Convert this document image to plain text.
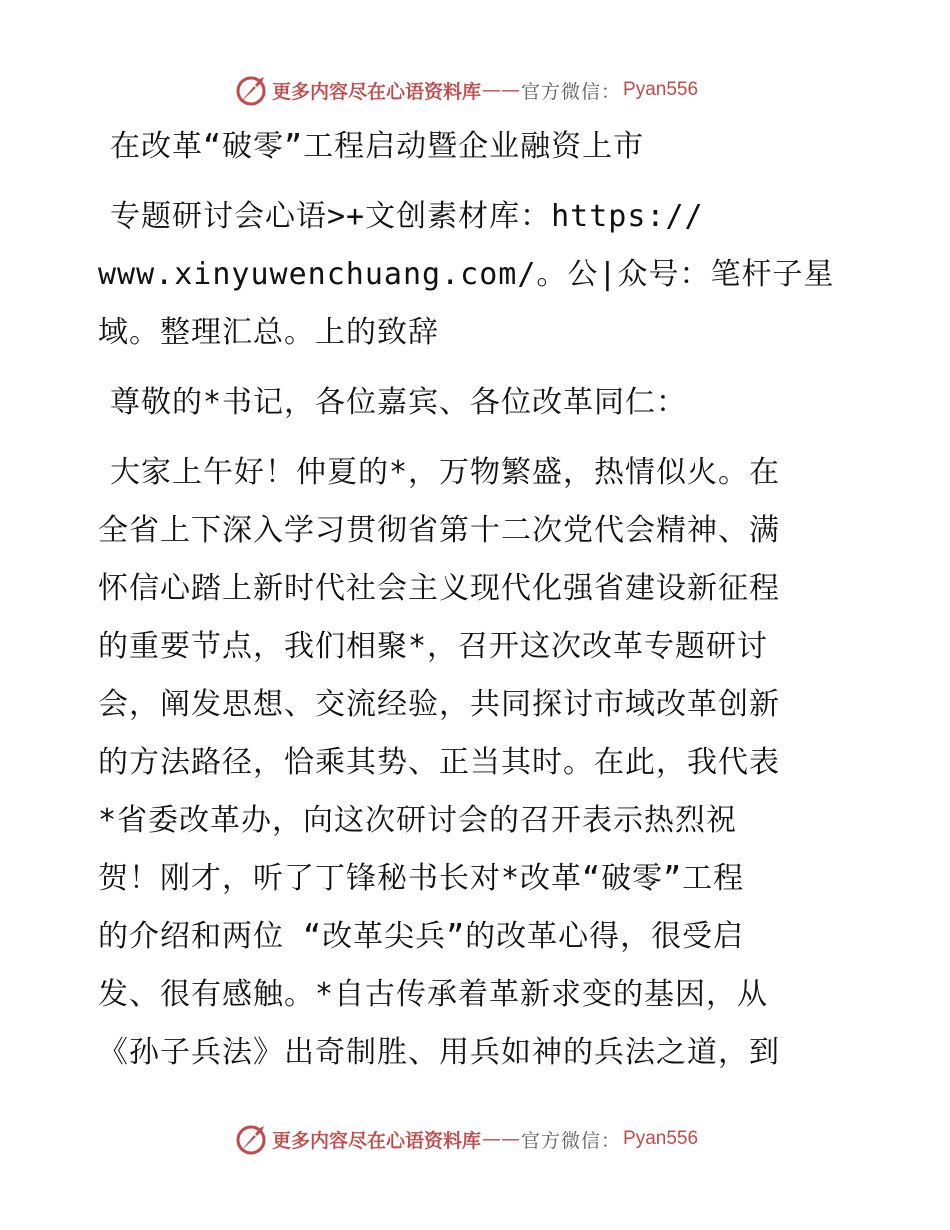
更多内容尽在心语资料库 —— 官方微信： Pyan556

在改革“破零”工程启动暨企业融资上市

专题研讨会心语>+文创素材库：https://

www.xinyuwenchuang.com/。公|众号：笔杆子星

域。整理汇总。上的致辞

尊敬的*书记，各位嘉宾、各位改革同仁：

大家上午好！仲夏的*，万物繁盛，热情似火。在

全省上下深入学习贯彻省第十二次党代会精神、满

怀信心踏上新时代社会主义现代化强省建设新征程

的重要节点，我们相聚*，召开这次改革专题研讨

会，阐发思想、交流经验，共同探讨市域改革创新

的方法路径，恰乘其势、正当其时。在此，我代表

*省委改革办，向这次研讨会的召开表示热烈祝

贺！刚才，听了丁锋秘书长对*改革“破零”工程

的介绍和两位 “改革尖兵”的改革心得，很受启

发、很有感触。*自古传承着革新求变的基因，从

《孙子兵法》出奇制胜、用兵如神的兵法之道，到

更多内容尽在心语资料库 —— 官方微信： Pyan556
